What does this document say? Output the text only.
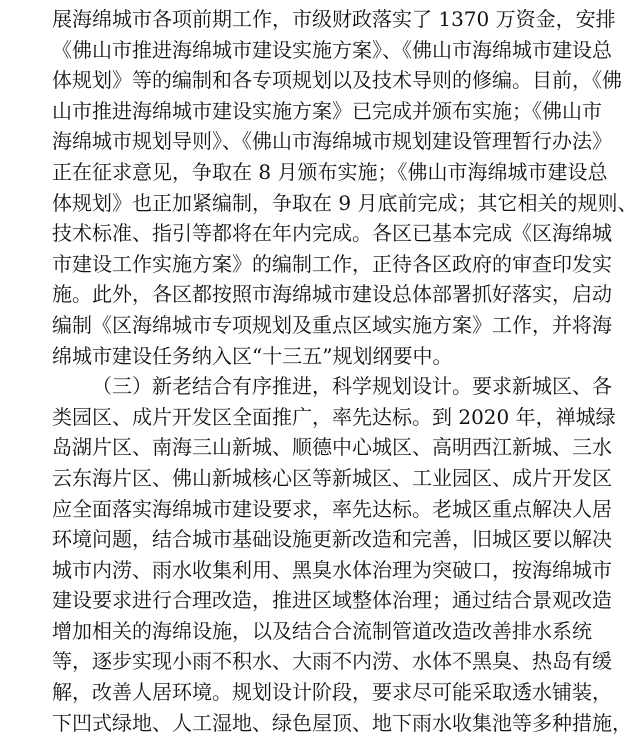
展海绵城市各项前期工作，市级财政落实了 1370 万资金，安排
《佛山市推进海绵城市建设实施方案》、《佛山市海绵城市建设总
体规划》等的编制和各专项规划以及技术导则的修编。目前，《佛
山市推进海绵城市建设实施方案》已完成并颁布实施；《佛山市
海绵城市规划导则》、《佛山市海绵城市规划建设管理暂行办法》
正在征求意见，争取在 8 月颁布实施；《佛山市海绵城市建设总
体规划》也正加紧编制，争取在 9 月底前完成；其它相关的规则、
技术标准、指引等都将在年内完成。各区已基本完成《区海绵城
市建设工作实施方案》的编制工作，正待各区政府的审查印发实
施。此外，各区都按照市海绵城市建设总体部署抓好落实，启动
编制《区海绵城市专项规划及重点区域实施方案》工作，并将海
绵城市建设任务纳入区“十三五”规划纲要中。
（三）新老结合有序推进，科学规划设计。要求新城区、各
类园区、成片开发区全面推广，率先达标。到 2020 年，禅城绿
岛湖片区、南海三山新城、顺德中心城区、高明西江新城、三水
云东海片区、佛山新城核心区等新城区、工业园区、成片开发区
应全面落实海绵城市建设要求，率先达标。老城区重点解决人居
环境问题，结合城市基础设施更新改造和完善，旧城区要以解决
城市内涝、雨水收集利用、黑臭水体治理为突破口，按海绵城市
建设要求进行合理改造，推进区域整体治理；通过结合景观改造
增加相关的海绵设施，以及结合合流制管道改造改善排水系统
等，逐步实现小雨不积水、大雨不内涝、水体不黑臭、热岛有缓
解，改善人居环境。规划设计阶段，要求尽可能采取透水铺装，
下凹式绿地、人工湿地、绿色屋顶、地下雨水收集池等多种措施，
